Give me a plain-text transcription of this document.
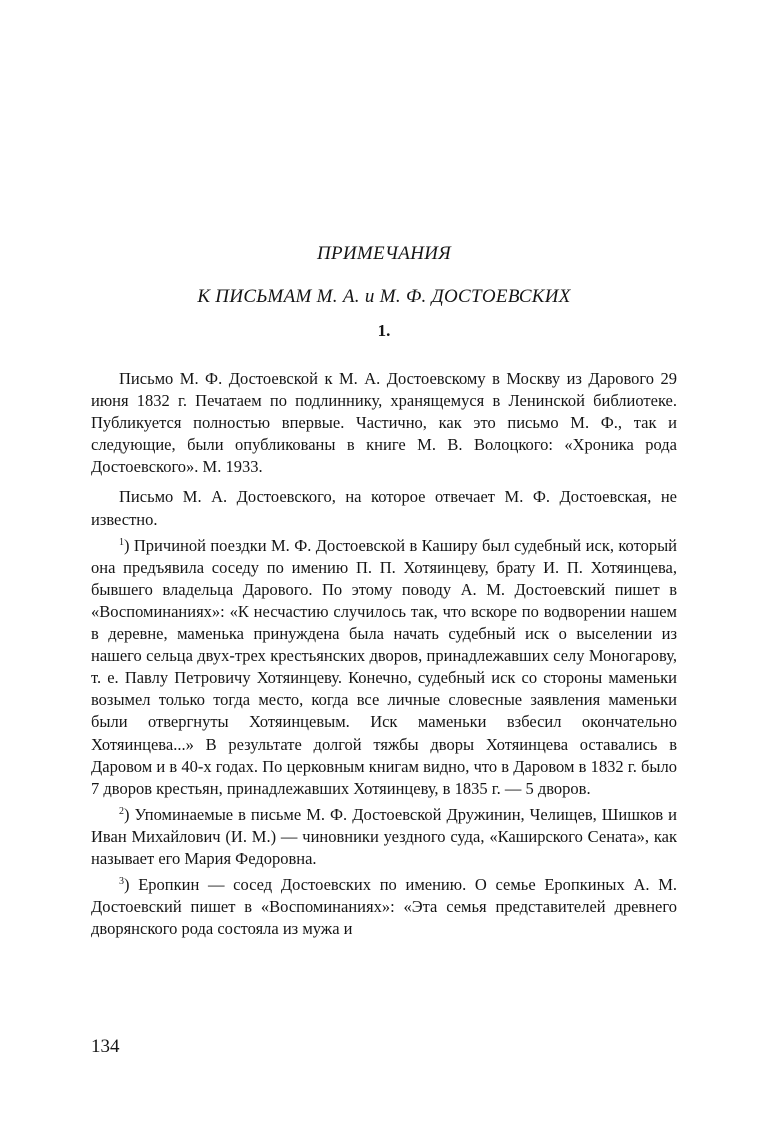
ПРИМЕЧАНИЯ
К ПИСЬМАМ М. А. и М. Ф. ДОСТОЕВСКИХ
1.

Письмо М. Ф. Достоевской к М. А. Достоевскому в Москву из Дарового 29 июня 1832 г. Печатаем по подлиннику, хранящемуся в Ленинской библиотеке. Публикуется полностью впервые. Частично, как это письмо М. Ф., так и следующие, были опубликованы в книге М. В. Волоцкого: «Хроника рода Достоевского». М. 1933.

Письмо М. А. Достоевского, на которое отвечает М. Ф. Достоевская, не известно.

$^1$) Причиной поездки М. Ф. Достоевской в Каширу был судебный иск, который она предъявила соседу по имению П. П. Хотяинцеву, брату И. П. Хотяинцева, бывшего владельца Дарового. По этому поводу А. М. Достоевский пишет в «Воспоминаниях»: «К несчастию случилось так, что вскоре по водворении нашем в деревне, маменька принуждена была начать судебный иск о выселении из нашего сельца двух-трех крестьянских дворов, принадлежавших селу Моногарову, т. е. Павлу Петровичу Хотяинцеву. Конечно, судебный иск со стороны маменьки возымел только тогда место, когда все личные словесные заявления маменьки были отвергнуты Хотяинцевым. Иск маменьки взбесил окончательно Хотяинцева...» В результате долгой тяжбы дворы Хотяинцева оставались в Даровом и в 40-х годах. По церковным книгам видно, что в Даровом в 1832 г. было 7 дворов крестьян, принадлежавших Хотяинцеву, в 1835 г. — 5 дворов.

$^2$) Упоминаемые в письме М. Ф. Достоевской Дружинин, Челищев, Шишков и Иван Михайлович (И. М.) — чиновники уездного суда, «Каширского Сената», как называет его Мария Федоровна.

$^3$) Еропкин — сосед Достоевских по имению. О семье Еропкиных А. М. Достоевский пишет в «Воспоминаниях»: «Эта семья представителей древнего дворянского рода состояла из мужа и

134
